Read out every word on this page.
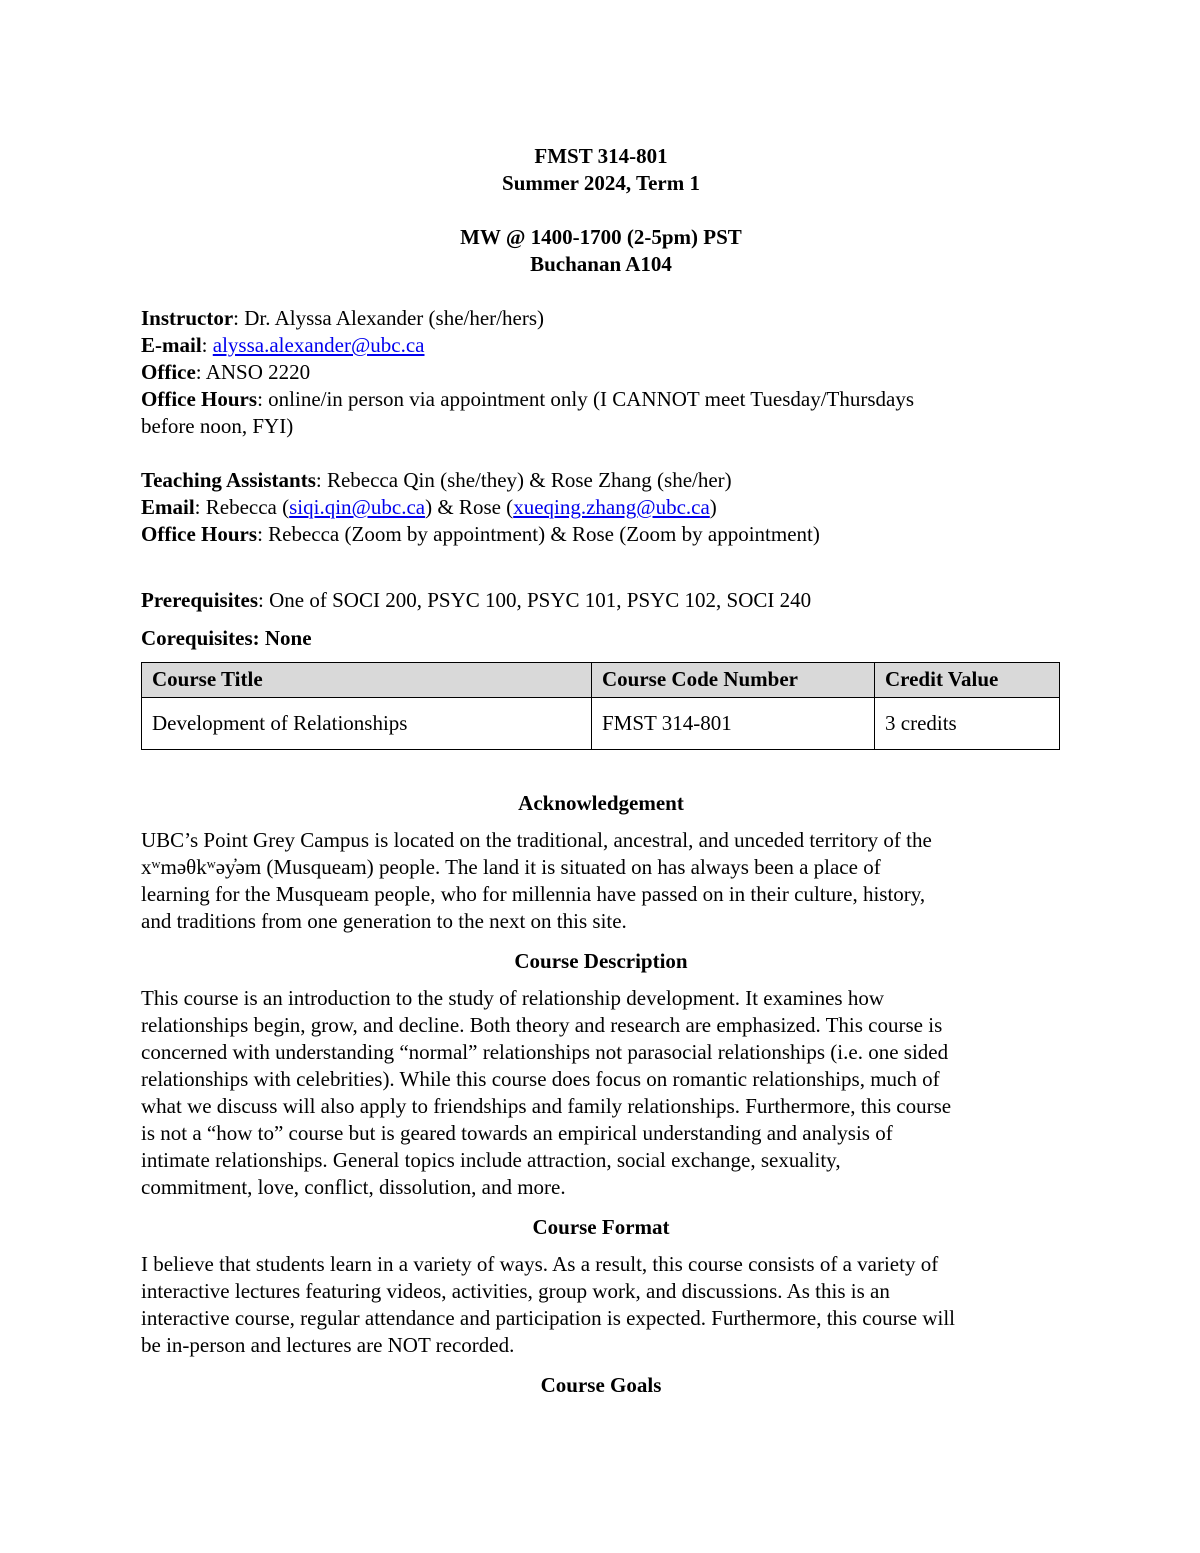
FMST 314-801
Summer 2024, Term 1
MW @ 1400-1700 (2-5pm) PST
Buchanan A104
Instructor: Dr. Alyssa Alexander (she/her/hers)
E-mail: alyssa.alexander@ubc.ca
Office: ANSO 2220
Office Hours: online/in person via appointment only (I CANNOT meet Tuesday/Thursdays
before noon, FYI)
Teaching Assistants: Rebecca Qin (she/they) & Rose Zhang (she/her)
Email: Rebecca (siqi.qin@ubc.ca) & Rose (xueqing.zhang@ubc.ca)
Office Hours: Rebecca (Zoom by appointment) & Rose (Zoom by appointment)
Prerequisites: One of SOCI 200, PSYC 100, PSYC 101, PSYC 102, SOCI 240
Corequisites: None
Course Title	Course Code Number	Credit Value
Development of Relationships	FMST 314-801	3 credits
Acknowledgement
UBC’s Point Grey Campus is located on the traditional, ancestral, and unceded territory of the
xʷməθkʷəy̓əm (Musqueam) people. The land it is situated on has always been a place of
learning for the Musqueam people, who for millennia have passed on in their culture, history,
and traditions from one generation to the next on this site.
Course Description
This course is an introduction to the study of relationship development. It examines how
relationships begin, grow, and decline. Both theory and research are emphasized. This course is
concerned with understanding “normal” relationships not parasocial relationships (i.e. one sided
relationships with celebrities). While this course does focus on romantic relationships, much of
what we discuss will also apply to friendships and family relationships. Furthermore, this course
is not a “how to” course but is geared towards an empirical understanding and analysis of
intimate relationships. General topics include attraction, social exchange, sexuality,
commitment, love, conflict, dissolution, and more.
Course Format
I believe that students learn in a variety of ways. As a result, this course consists of a variety of
interactive lectures featuring videos, activities, group work, and discussions. As this is an
interactive course, regular attendance and participation is expected. Furthermore, this course will
be in-person and lectures are NOT recorded.
Course Goals
